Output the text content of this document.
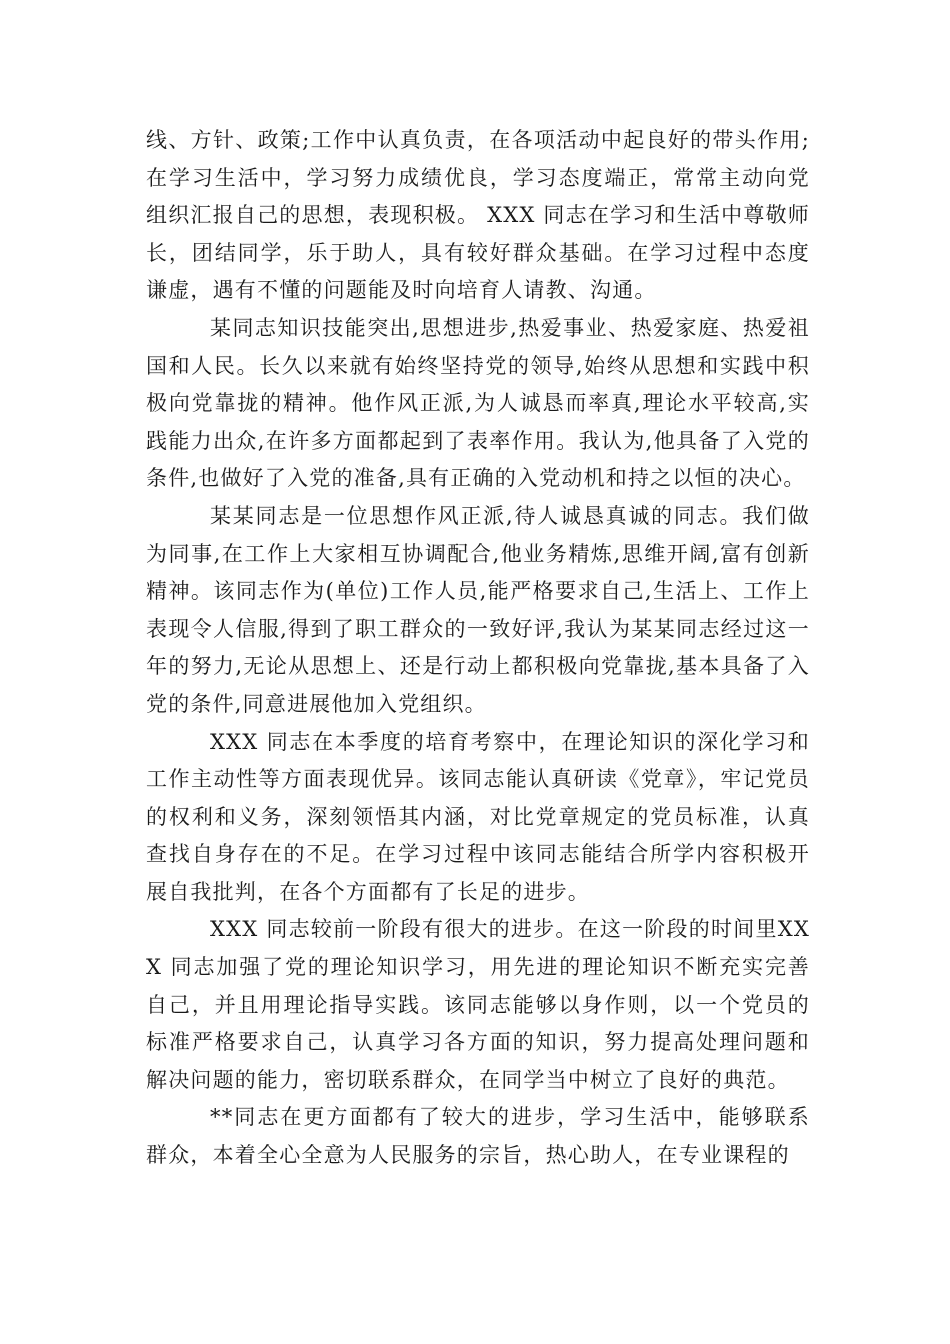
线、方针、政策;工作中认真负责，在各项活动中起良好的带头作用;在学习生活中，学习努力成绩优良，学习态度端正，常常主动向党组织汇报自己的思想，表现积极。 XXX 同志在学习和生活中尊敬师长，团结同学，乐于助人，具有较好群众基础。在学习过程中态度谦虚，遇有不懂的问题能及时向培育人请教、沟通。

某同志知识技能突出,思想进步,热爱事业、热爱家庭、热爱祖国和人民。长久以来就有始终坚持党的领导,始终从思想和实践中积极向党靠拢的精神。他作风正派,为人诚恳而率真,理论水平较高,实践能力出众,在许多方面都起到了表率作用。我认为,他具备了入党的条件,也做好了入党的准备,具有正确的入党动机和持之以恒的决心。

某某同志是一位思想作风正派,待人诚恳真诚的同志。我们做为同事,在工作上大家相互协调配合,他业务精炼,思维开阔,富有创新精神。该同志作为(单位)工作人员,能严格要求自己,生活上、工作上表现令人信服,得到了职工群众的一致好评,我认为某某同志经过这一年的努力,无论从思想上、还是行动上都积极向党靠拢,基本具备了入党的条件,同意进展他加入党组织。

XXX 同志在本季度的培育考察中，在理论知识的深化学习和工作主动性等方面表现优异。该同志能认真研读《党章》，牢记党员的权利和义务，深刻领悟其内涵，对比党章规定的党员标准，认真查找自身存在的不足。在学习过程中该同志能结合所学内容积极开展自我批判，在各个方面都有了长足的进步。

XXX 同志较前一阶段有很大的进步。在这一阶段的时间里XXX 同志加强了党的理论知识学习，用先进的理论知识不断充实完善自己，并且用理论指导实践。该同志能够以身作则，以一个党员的标准严格要求自己，认真学习各方面的知识，努力提高处理问题和解决问题的能力，密切联系群众，在同学当中树立了良好的典范。

**同志在更方面都有了较大的进步，学习生活中，能够联系群众，本着全心全意为人民服务的宗旨，热心助人，在专业课程的
